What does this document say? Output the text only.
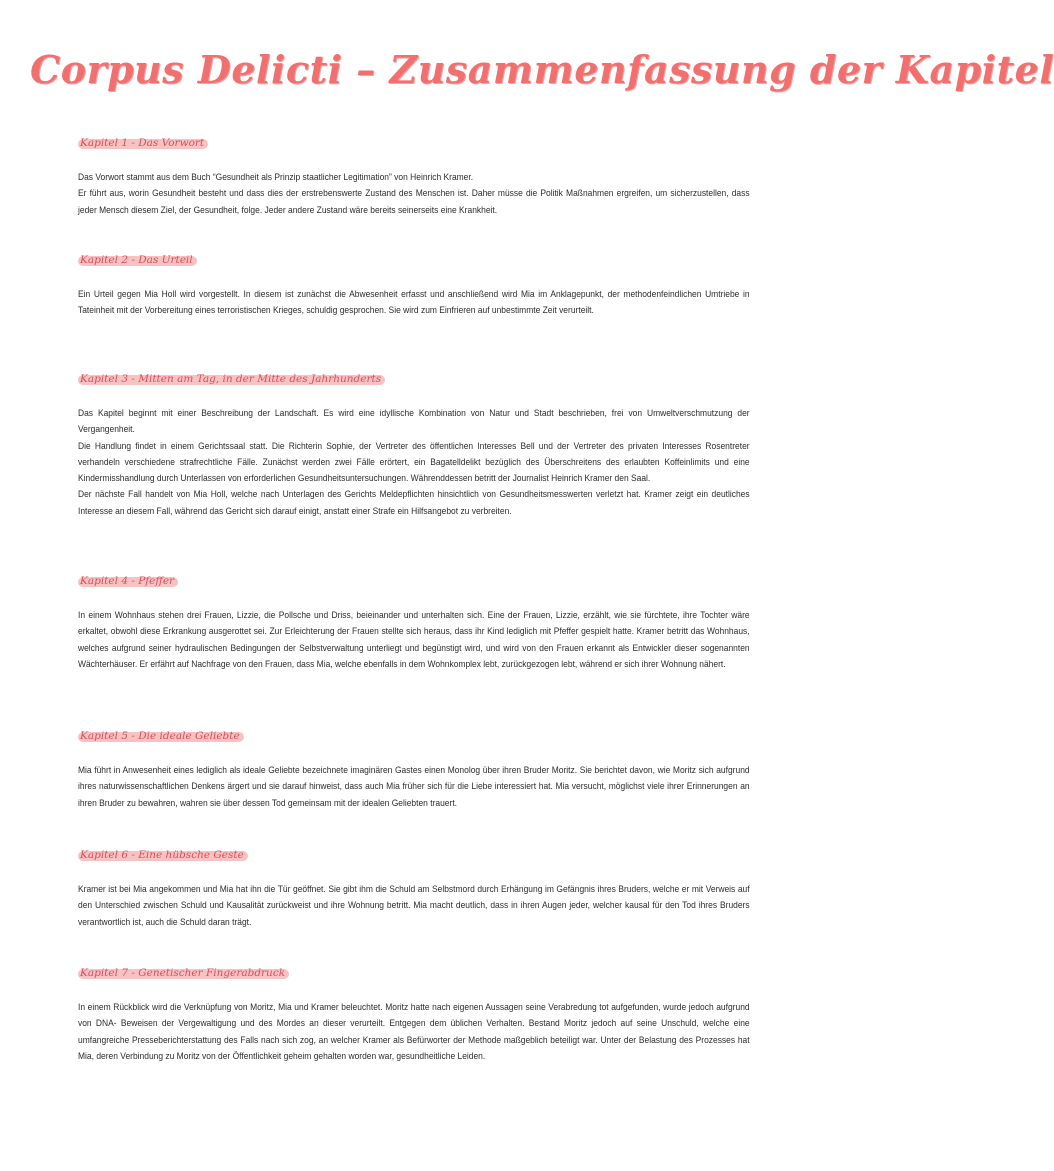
Corpus Delicti – Zusammenfassung der Kapitel
Kapitel 1 - Das Vorwort

Das Vorwort stammt aus dem Buch “Gesundheit als Prinzip staatlicher Legitimation” von Heinrich Kramer.

Er führt aus, worin Gesundheit besteht und dass dies der erstrebenswerte Zustand des Menschen ist. Daher müsse die Politik Maßnahmen ergreifen, um sicherzustellen, dass jeder Mensch diesem Ziel, der Gesundheit, folge. Jeder andere Zustand wäre bereits seinerseits eine Krankheit.

Kapitel 2 - Das Urteil

Ein Urteil gegen Mia Holl wird vorgestellt. In diesem ist zunächst die Abwesenheit erfasst und anschließend wird Mia im Anklagepunkt, der methodenfeindlichen Umtriebe in Tateinheit mit der Vorbereitung eines terroristischen Krieges, schuldig gesprochen. Sie wird zum Einfrieren auf unbestimmte Zeit verurteilt.

Kapitel 3 - Mitten am Tag, in der Mitte des Jahrhunderts

Das Kapitel beginnt mit einer Beschreibung der Landschaft. Es wird eine idyllische Kombination von Natur und Stadt beschrieben, frei von Umweltverschmutzung der Vergangenheit.

Die Handlung findet in einem Gerichtssaal statt. Die Richterin Sophie, der Vertreter des öffentlichen Interesses Bell und der Vertreter des privaten Interesses Rosentreter verhandeln verschiedene strafrechtliche Fälle. Zunächst werden zwei Fälle erörtert, ein Bagatelldelikt bezüglich des Überschreitens des erlaubten Koffeinlimits und eine Kindermisshandlung durch Unterlassen von erforderlichen Gesundheitsuntersuchungen. Währenddessen betritt der Journalist Heinrich Kramer den Saal.

Der nächste Fall handelt von Mia Holl, welche nach Unterlagen des Gerichts Meldepflichten hinsichtlich von Gesundheitsmesswerten verletzt hat. Kramer zeigt ein deutliches Interesse an diesem Fall, während das Gericht sich darauf einigt, anstatt einer Strafe ein Hilfsangebot zu verbreiten.

Kapitel 4 - Pfeffer

In einem Wohnhaus stehen drei Frauen, Lizzie, die Pollsche und Driss, beieinander und unterhalten sich. Eine der Frauen, Lizzie, erzählt, wie sie fürchtete, ihre Tochter wäre erkaltet, obwohl diese Erkrankung ausgerottet sei. Zur Erleichterung der Frauen stellte sich heraus, dass ihr Kind lediglich mit Pfeffer gespielt hatte. Kramer betritt das Wohnhaus, welches aufgrund seiner hydraulischen Bedingungen der Selbstverwaltung unterliegt und begünstigt wird, und wird von den Frauen erkannt als Entwickler dieser sogenannten Wächterhäuser. Er erfährt auf Nachfrage von den Frauen, dass Mia, welche ebenfalls in dem Wohnkomplex lebt, zurückgezogen lebt, während er sich ihrer Wohnung nähert.

Kapitel 5 - Die ideale Geliebte

Mia führt in Anwesenheit eines lediglich als ideale Geliebte bezeichnete imaginären Gastes einen Monolog über ihren Bruder Moritz. Sie berichtet davon, wie Moritz sich aufgrund ihres naturwissenschaftlichen Denkens ärgert und sie darauf hinweist, dass auch Mia früher sich für die Liebe interessiert hat. Mia versucht, möglichst viele ihrer Erinnerungen an ihren Bruder zu bewahren, wahren sie über dessen Tod gemeinsam mit der idealen Geliebten trauert.

Kapitel 6 - Eine hübsche Geste

Kramer ist bei Mia angekommen und Mia hat ihn die Tür geöffnet. Sie gibt ihm die Schuld am Selbstmord durch Erhängung im Gefängnis ihres Bruders, welche er mit Verweis auf den Unterschied zwischen Schuld und Kausalität zurückweist und ihre Wohnung betritt. Mia macht deutlich, dass in ihren Augen jeder, welcher kausal für den Tod ihres Bruders verantwortlich ist, auch die Schuld daran trägt.

Kapitel 7 - Genetischer Fingerabdruck

In einem Rückblick wird die Verknüpfung von Moritz, Mia und Kramer beleuchtet. Moritz hatte nach eigenen Aussagen seine Verabredung tot aufgefunden, wurde jedoch aufgrund von DNA- Beweisen der Vergewaltigung und des Mordes an dieser verurteilt. Entgegen dem üblichen Verhalten. Bestand Moritz jedoch auf seine Unschuld, welche eine umfangreiche Presseberichterstattung des Falls nach sich zog, an welcher Kramer als Befürworter der Methode maßgeblich beteiligt war. Unter der Belastung des Prozesses hat Mia, deren Verbindung zu Moritz von der Öffentlichkeit geheim gehalten worden war, gesundheitliche Leiden.
